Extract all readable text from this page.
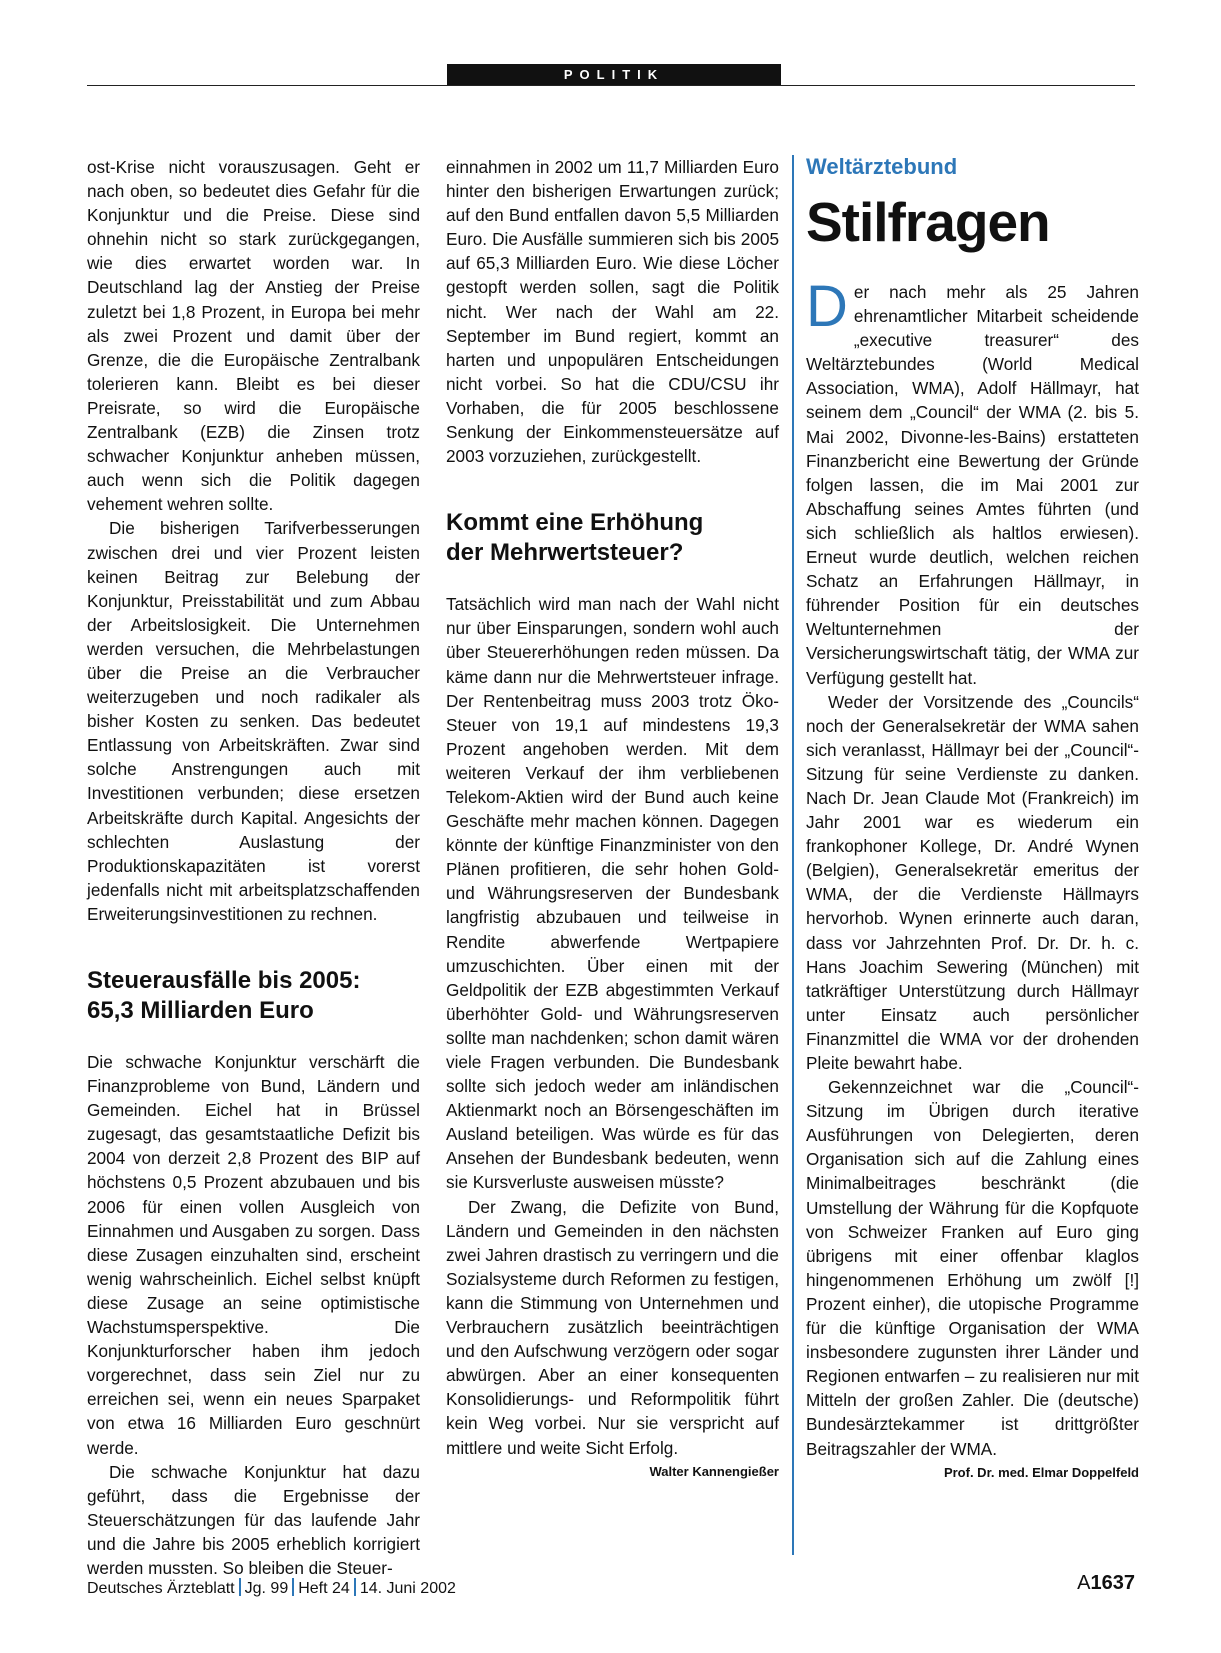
POLITIK

ost-Krise nicht vorauszusagen. Geht er nach oben, so bedeutet dies Gefahr für die Konjunktur und die Preise. Diese sind ohnehin nicht so stark zurückgegangen, wie dies erwartet worden war. In Deutschland lag der Anstieg der Preise zuletzt bei 1,8 Prozent, in Europa bei mehr als zwei Prozent und damit über der Grenze, die die Europäische Zentralbank tolerieren kann. Bleibt es bei dieser Preisrate, so wird die Europäische Zentralbank (EZB) die Zinsen trotz schwacher Konjunktur anheben müssen, auch wenn sich die Politik dagegen vehement wehren sollte.

Die bisherigen Tarifverbesserungen zwischen drei und vier Prozent leisten keinen Beitrag zur Belebung der Konjunktur, Preisstabilität und zum Abbau der Arbeitslosigkeit. Die Unternehmen werden versuchen, die Mehrbelastungen über die Preise an die Verbraucher weiterzugeben und noch radikaler als bisher Kosten zu senken. Das bedeutet Entlassung von Arbeitskräften. Zwar sind solche Anstrengungen auch mit Investitionen verbunden; diese ersetzen Arbeitskräfte durch Kapital. Angesichts der schlechten Auslastung der Produktionskapazitäten ist vorerst jedenfalls nicht mit arbeitsplatzschaffenden Erweiterungsinvestitionen zu rechnen.

Steuerausfälle bis 2005:
65,3 Milliarden Euro

Die schwache Konjunktur verschärft die Finanzprobleme von Bund, Ländern und Gemeinden. Eichel hat in Brüssel zugesagt, das gesamtstaatliche Defizit bis 2004 von derzeit 2,8 Prozent des BIP auf höchstens 0,5 Prozent abzubauen und bis 2006 für einen vollen Ausgleich von Einnahmen und Ausgaben zu sorgen. Dass diese Zusagen einzuhalten sind, erscheint wenig wahrscheinlich. Eichel selbst knüpft diese Zusage an seine optimistische Wachstumsperspektive. Die Konjunkturforscher haben ihm jedoch vorgerechnet, dass sein Ziel nur zu erreichen sei, wenn ein neues Sparpaket von etwa 16 Milliarden Euro geschnürt werde.

Die schwache Konjunktur hat dazu geführt, dass die Ergebnisse der Steuerschätzungen für das laufende Jahr und die Jahre bis 2005 erheblich korrigiert werden mussten. So bleiben die Steuer-

einnahmen in 2002 um 11,7 Milliarden Euro hinter den bisherigen Erwartungen zurück; auf den Bund entfallen davon 5,5 Milliarden Euro. Die Ausfälle summieren sich bis 2005 auf 65,3 Milliarden Euro. Wie diese Löcher gestopft werden sollen, sagt die Politik nicht. Wer nach der Wahl am 22. September im Bund regiert, kommt an harten und unpopulären Entscheidungen nicht vorbei. So hat die CDU/CSU ihr Vorhaben, die für 2005 beschlossene Senkung der Einkommensteuersätze auf 2003 vorzuziehen, zurückgestellt.

Kommt eine Erhöhung
der Mehrwertsteuer?

Tatsächlich wird man nach der Wahl nicht nur über Einsparungen, sondern wohl auch über Steuererhöhungen reden müssen. Da käme dann nur die Mehrwertsteuer infrage. Der Rentenbeitrag muss 2003 trotz Öko-Steuer von 19,1 auf mindestens 19,3 Prozent angehoben werden. Mit dem weiteren Verkauf der ihm verbliebenen Telekom-Aktien wird der Bund auch keine Geschäfte mehr machen können. Dagegen könnte der künftige Finanzminister von den Plänen profitieren, die sehr hohen Gold- und Währungsreserven der Bundesbank langfristig abzubauen und teilweise in Rendite abwerfende Wertpapiere umzuschichten. Über einen mit der Geldpolitik der EZB abgestimmten Verkauf überhöhter Gold- und Währungsreserven sollte man nachdenken; schon damit wären viele Fragen verbunden. Die Bundesbank sollte sich jedoch weder am inländischen Aktienmarkt noch an Börsengeschäften im Ausland beteiligen. Was würde es für das Ansehen der Bundesbank bedeuten, wenn sie Kursverluste ausweisen müsste?

Der Zwang, die Defizite von Bund, Ländern und Gemeinden in den nächsten zwei Jahren drastisch zu verringern und die Sozialsysteme durch Reformen zu festigen, kann die Stimmung von Unternehmen und Verbrauchern zusätzlich beeinträchtigen und den Aufschwung verzögern oder sogar abwürgen. Aber an einer konsequenten Konsolidierungs- und Reformpolitik führt kein Weg vorbei. Nur sie verspricht auf mittlere und weite Sicht Erfolg.
Walter Kannengießer

Weltärztebund
Stilfragen

Der nach mehr als 25 Jahren ehrenamtlicher Mitarbeit scheidende „executive treasurer“ des Weltärztebundes (World Medical Association, WMA), Adolf Hällmayr, hat seinem dem „Council“ der WMA (2. bis 5. Mai 2002, Divonne-les-Bains) erstatteten Finanzbericht eine Bewertung der Gründe folgen lassen, die im Mai 2001 zur Abschaffung seines Amtes führten (und sich schließlich als haltlos erwiesen). Erneut wurde deutlich, welchen reichen Schatz an Erfahrungen Hällmayr, in führender Position für ein deutsches Weltunternehmen der Versicherungswirtschaft tätig, der WMA zur Verfügung gestellt hat.

Weder der Vorsitzende des „Councils“ noch der Generalsekretär der WMA sahen sich veranlasst, Hällmayr bei der „Council“-Sitzung für seine Verdienste zu danken. Nach Dr. Jean Claude Mot (Frankreich) im Jahr 2001 war es wiederum ein frankophoner Kollege, Dr. André Wynen (Belgien), Generalsekretär emeritus der WMA, der die Verdienste Hällmayrs hervorhob. Wynen erinnerte auch daran, dass vor Jahrzehnten Prof. Dr. Dr. h. c. Hans Joachim Sewering (München) mit tatkräftiger Unterstützung durch Hällmayr unter Einsatz auch persönlicher Finanzmittel die WMA vor der drohenden Pleite bewahrt habe.

Gekennzeichnet war die „Council“-Sitzung im Übrigen durch iterative Ausführungen von Delegierten, deren Organisation sich auf die Zahlung eines Minimalbeitrages beschränkt (die Umstellung der Währung für die Kopfquote von Schweizer Franken auf Euro ging übrigens mit einer offenbar klaglos hingenommenen Erhöhung um zwölf [!] Prozent einher), die utopische Programme für die künftige Organisation der WMA insbesondere zugunsten ihrer Länder und Regionen entwarfen – zu realisieren nur mit Mitteln der großen Zahler. Die (deutsche) Bundesärztekammer ist drittgrößter Beitragszahler der WMA.
Prof. Dr. med. Elmar Doppelfeld

Deutsches Ärzteblatt Jg. 99 Heft 24 14. Juni 2002	A1637
